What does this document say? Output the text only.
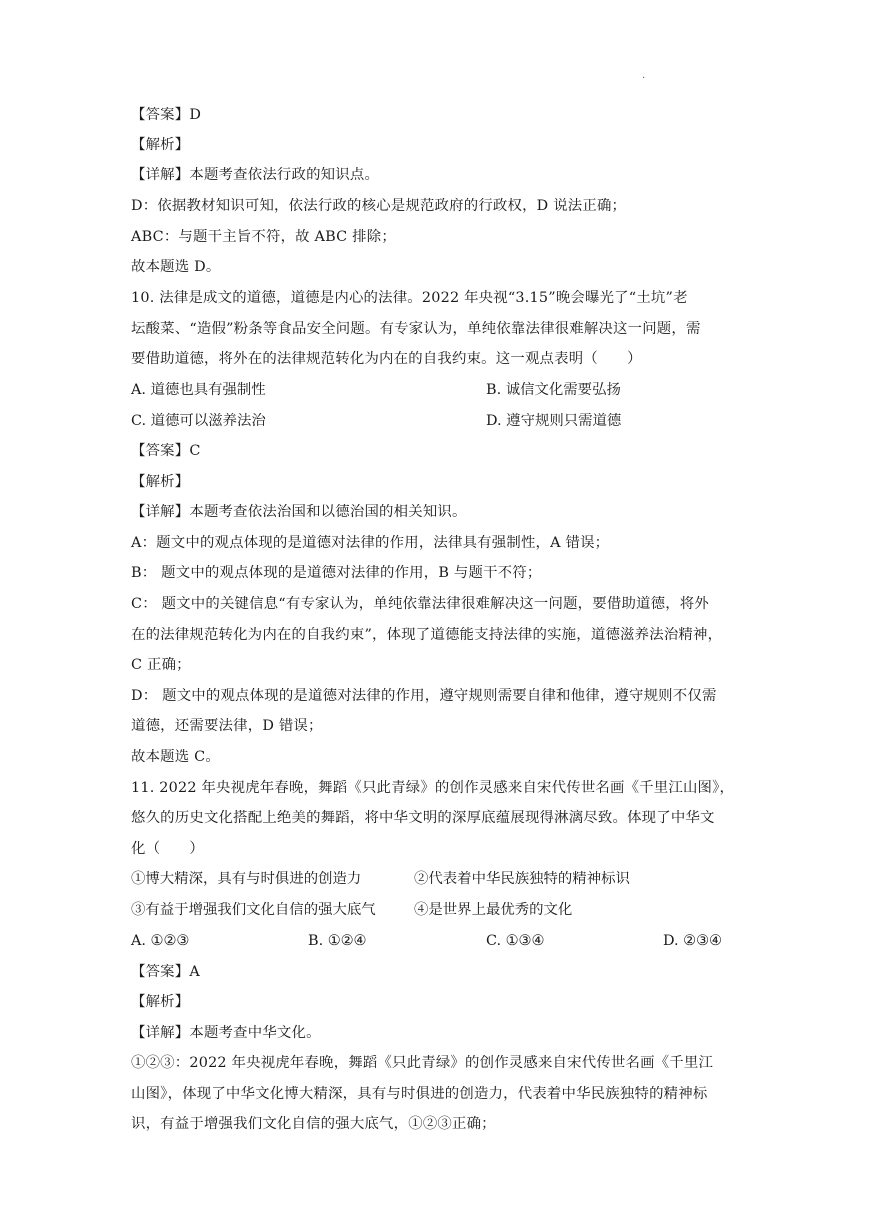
.
【答案】D
【解析】
【详解】本题考查依法行政的知识点。
D：依据教材知识可知，依法行政的核心是规范政府的行政权，D 说法正确；
ABC：与题干主旨不符，故 ABC 排除；
故本题选 D。
10. 法律是成文的道德，道德是内心的法律。2022 年央视“3.15”晚会曝光了“土坑”老
坛酸菜、“造假”粉条等食品安全问题。有专家认为，单纯依靠法律很难解决这一问题，需
要借助道德，将外在的法律规范转化为内在的自我约束。这一观点表明（　　）
A. 道德也具有强制性	B. 诚信文化需要弘扬
C. 道德可以滋养法治	D. 遵守规则只需道德
【答案】C
【解析】
【详解】本题考查依法治国和以德治国的相关知识。
A：题文中的观点体现的是道德对法律的作用，法律具有强制性，A 错误；
B： 题文中的观点体现的是道德对法律的作用，B 与题干不符；
C： 题文中的关键信息“有专家认为，单纯依靠法律很难解决这一问题，要借助道德，将外
在的法律规范转化为内在的自我约束”，体现了道德能支持法律的实施，道德滋养法治精神，
C 正确；
D： 题文中的观点体现的是道德对法律的作用，遵守规则需要自律和他律，遵守规则不仅需
道德，还需要法律，D 错误；
故本题选 C。
11. 2022 年央视虎年春晚，舞蹈《只此青绿》的创作灵感来自宋代传世名画《千里江山图》，
悠久的历史文化搭配上绝美的舞蹈，将中华文明的深厚底蕴展现得淋漓尽致。体现了中华文
化（　　）
①博大精深，具有与时俱进的创造力	②代表着中华民族独特的精神标识
③有益于增强我们文化自信的强大底气	④是世界上最优秀的文化
A. ①②③	B. ①②④	C. ①③④	D. ②③④
【答案】A
【解析】
【详解】本题考查中华文化。
①②③：2022 年央视虎年春晚，舞蹈《只此青绿》的创作灵感来自宋代传世名画《千里江
山图》，体现了中华文化博大精深，具有与时俱进的创造力，代表着中华民族独特的精神标
识，有益于增强我们文化自信的强大底气，①②③正确；
